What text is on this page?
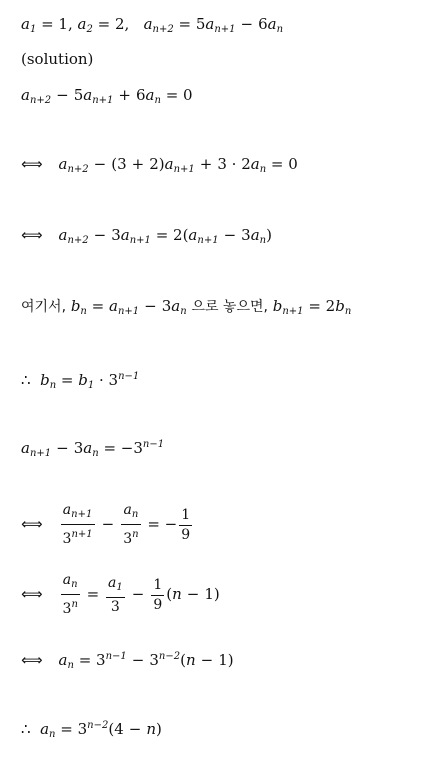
$a_1 = 1$, $a_2 = 2$,   $a_{n+2} = 5a_{n+1} - 6a_n$
(solution)
$a_{n+2} - 5a_{n+1} + 6a_n = 0$
⟺ $a_{n+2} - (3 + 2)a_{n+1} + 3 \cdot 2a_n = 0$
⟺ $a_{n+2} - 3a_{n+1} = 2(a_{n+1} - 3a_n)$
여기서, $b_n = a_{n+1} - 3a_n$ 으로 놓으면, $b_{n+1} = 2b_n$
∴ $b_n = b_1 \cdot 3^{n-1}$
$a_{n+1} - 3a_n = -3^{n-1}$
⟺ $\frac{a_{n+1}}{3^{n+1}} - \frac{a_n}{3^n}$ = − $\frac{1}{9}$
⟺ $\frac{a_n}{3^n} = \frac{a_1}{3} - \frac{1}{9} (n - 1)$
⟺ $a_n = 3^{n-1} - 3^{n-2}(n - 1)$
∴ $a_n = 3^{n-2}(4 - n)$
